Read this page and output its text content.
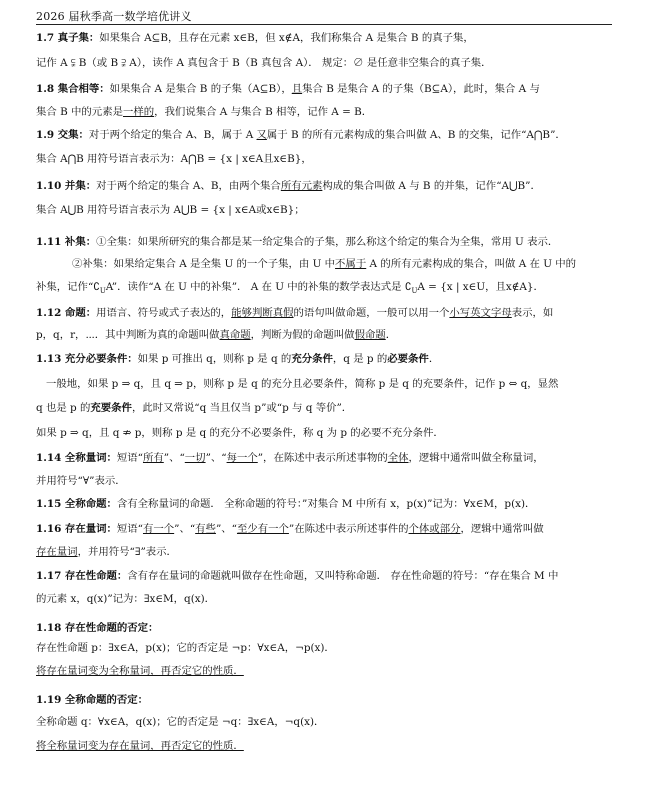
2026 届秋季高一数学培优讲义
1.7 真子集：如果集合 A⊆B，且存在元素 x∈B，但 x∉A，我们称集合 A 是集合 B 的真子集，
记作 A ⫋ B（或 B ⫌ A），读作 A 真包含于 B（B 真包含 A）． 规定：∅ 是任意非空集合的真子集．
1.8 集合相等：如果集合 A 是集合 B 的子集（A⊆B），且集合 B 是集合 A 的子集（B⊆A），此时，集合 A 与
集合 B 中的元素是一样的，我们说集合 A 与集合 B 相等，记作 A = B．
1.9 交集：对于两个给定的集合 A、B，属于 A 又属于 B 的所有元素构成的集合叫做 A、B 的交集，记作“A⋂B”．
集合 A⋂B 用符号语言表示为：A⋂B = {x | x∈A且x∈B}，
1.10 并集：对于两个给定的集合 A、B，由两个集合所有元素构成的集合叫做 A 与 B 的并集，记作“A⋃B”．
集合 A⋃B 用符号语言表示为 A⋃B = {x | x∈A或x∈B}；
1.11 补集：①全集：如果所研究的集合都是某一给定集合的子集，那么称这个给定的集合为全集，常用 U 表示．
②补集：如果给定集合 A 是全集 U 的一个子集，由 U 中不属于 A 的所有元素构成的集合，叫做 A 在 U 中的
补集，记作“$∁_UA$”．读作“A 在 U 中的补集”． A 在 U 中的补集的数学表达式是 $∁_UA = \{x$ | x∈U，且x∉A}．
1.12 命题：用语言、符号或式子表达的，能够判断真假的语句叫做命题，一般可以用一个小写英文字母表示，如
p，q，r，⋯．其中判断为真的命题叫做真命题，判断为假的命题叫做假命题．
1.13 充分必要条件：如果 p 可推出 q，则称 p 是 q 的充分条件，q 是 p 的必要条件．
一般地，如果 p ⇒ q，且 q ⇒ p，则称 p 是 q 的充分且必要条件，简称 p 是 q 的充要条件，记作 p ⇔ q，显然
q 也是 p 的充要条件，此时又常说“q 当且仅当 p”或“p 与 q 等价”．
如果 p ⇒ q，且 q ⇏ p，则称 p 是 q 的充分不必要条件，称 q 为 p 的必要不充分条件．
1.14 全称量词：短语“所有”、“一切”、“每一个”，在陈述中表示所述事物的全体，逻辑中通常叫做全称量词，
并用符号“∀”表示．
1.15 全称命题：含有全称量词的命题． 全称命题的符号：”对集合 M 中所有 x，p(x)”记为：∀x∈M，p(x)．
1.16 存在量词：短语“有一个”、“有些”、“至少有一个”在陈述中表示所述事件的个体或部分，逻辑中通常叫做
存在量词，并用符号“∃”表示．
1.17 存在性命题：含有存在量词的命题就叫做存在性命题，又叫特称命题． 存在性命题的符号：“存在集合 M 中
的元素 x，q(x)”记为：∃x∈M，q(x)．
1.18 存在性命题的否定：
存在性命题 p：∃x∈A，p(x)；它的否定是 ¬p：∀x∈A，¬p(x)．
将存在量词变为全称量词，再否定它的性质．
1.19 全称命题的否定：
全称命题 q：∀x∈A，q(x)；它的否定是 ¬q：∃x∈A，¬q(x)．
将全称量词变为存在量词，再否定它的性质．
